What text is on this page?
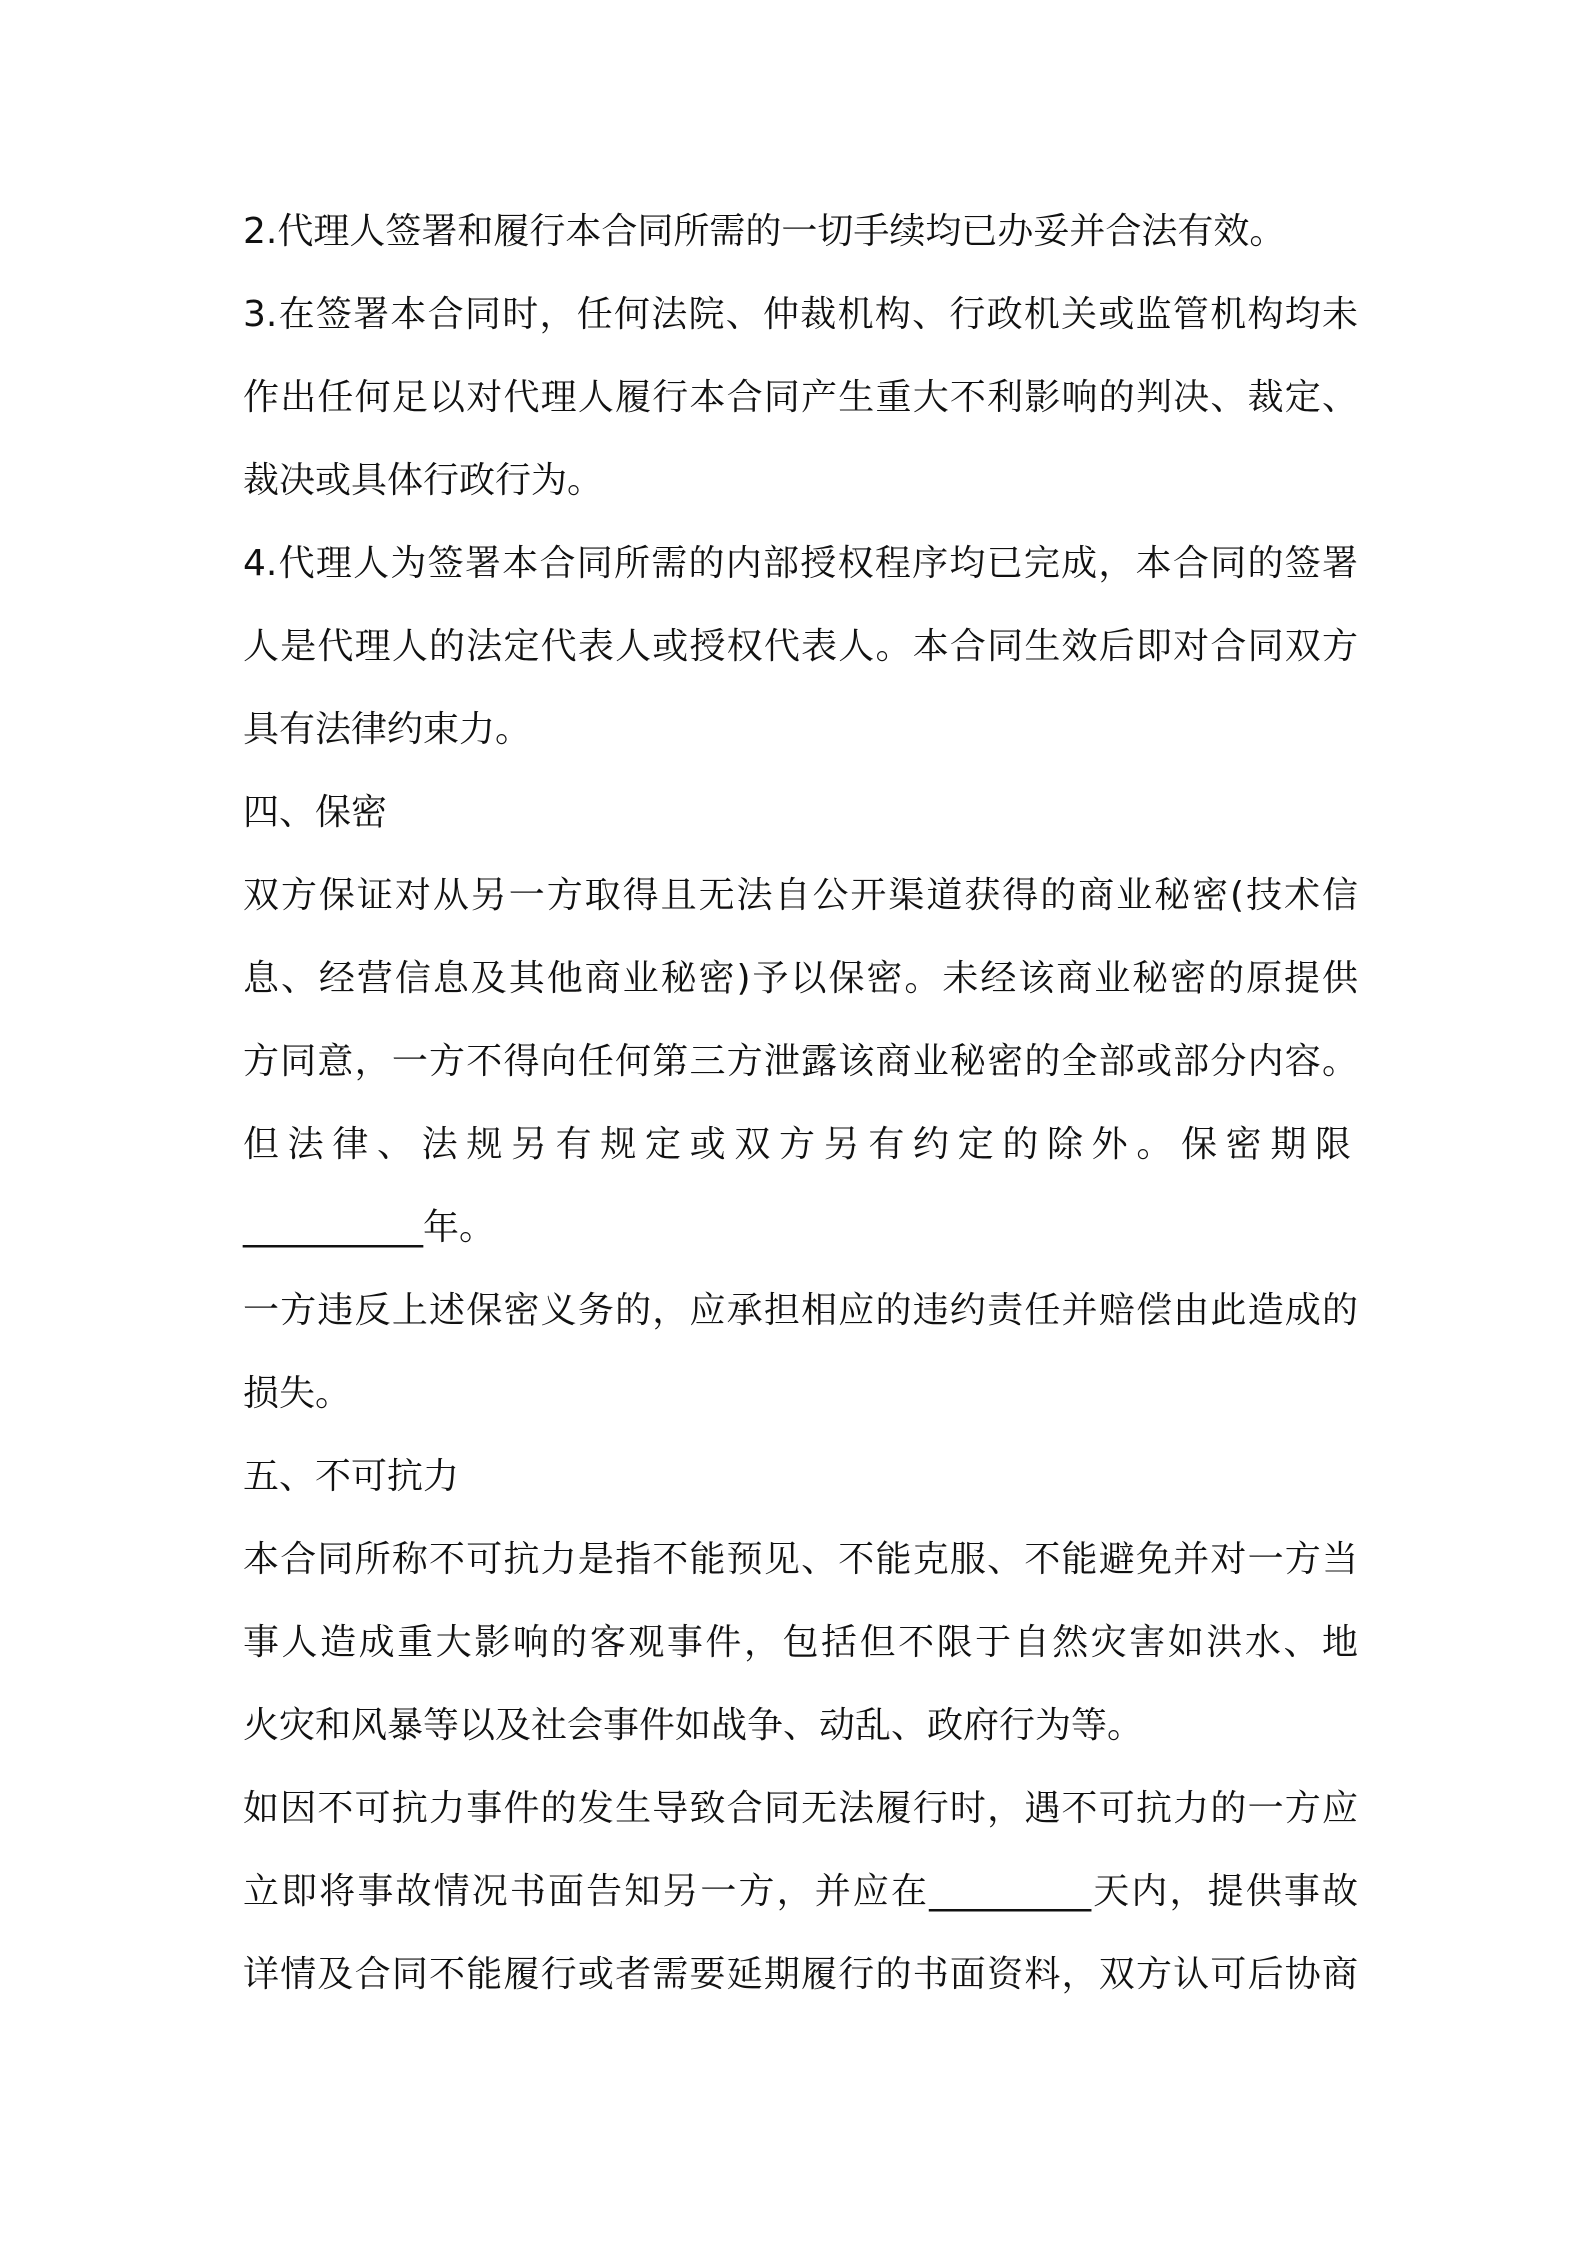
2.代理人签署和履行本合同所需的一切手续均已办妥并合法有效。
3.在签署本合同时，任何法院、仲裁机构、行政机关或监管机构均未
作出任何足以对代理人履行本合同产生重大不利影响的判决、裁定、
裁决或具体行政行为。
4.代理人为签署本合同所需的内部授权程序均已完成，本合同的签署
人是代理人的法定代表人或授权代表人。本合同生效后即对合同双方
具有法律约束力。
四、保密
双方保证对从另一方取得且无法自公开渠道获得的商业秘密(技术信
息、经营信息及其他商业秘密)予以保密。未经该商业秘密的原提供
方同意，一方不得向任何第三方泄露该商业秘密的全部或部分内容。
但法律、法规另有规定或双方另有约定的除外。保密期限
__________年。
一方违反上述保密义务的，应承担相应的违约责任并赔偿由此造成的
损失。
五、不可抗力
本合同所称不可抗力是指不能预见、不能克服、不能避免并对一方当
事人造成重大影响的客观事件，包括但不限于自然灾害如洪水、地
火灾和风暴等以及社会事件如战争、动乱、政府行为等。
如因不可抗力事件的发生导致合同无法履行时，遇不可抗力的一方应
立即将事故情况书面告知另一方，并应在_________天内，提供事故
详情及合同不能履行或者需要延期履行的书面资料，双方认可后协商
